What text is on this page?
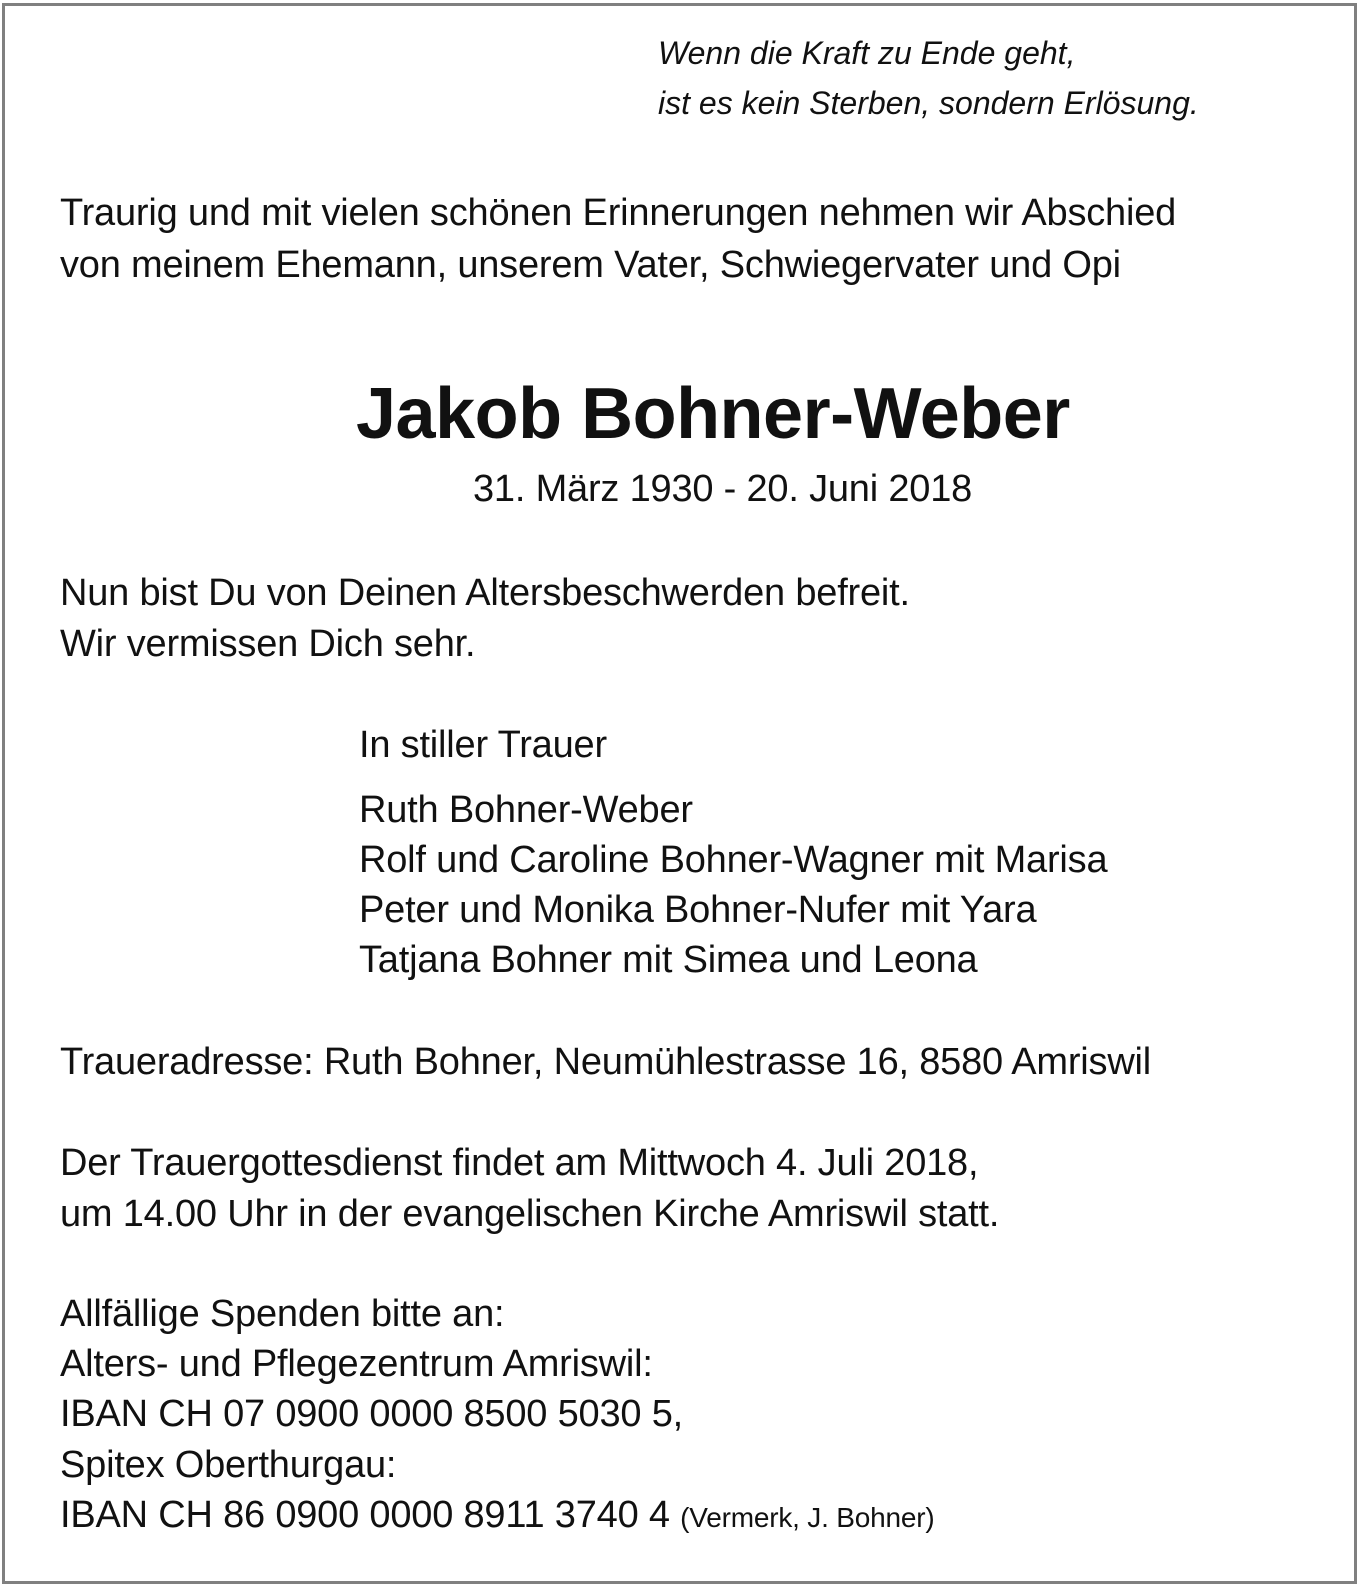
Wenn die Kraft zu Ende geht,
ist es kein Sterben, sondern Erlösung.
Traurig und mit vielen schönen Erinnerungen nehmen wir Abschied
von meinem Ehemann, unserem Vater, Schwiegervater und Opi
Jakob Bohner-Weber
31. März 1930 - 20. Juni 2018
Nun bist Du von Deinen Altersbeschwerden befreit.
Wir vermissen Dich sehr.
In stiller Trauer
Ruth Bohner-Weber
Rolf und Caroline Bohner-Wagner mit Marisa
Peter und Monika Bohner-Nufer mit Yara
Tatjana Bohner mit Simea und Leona
Traueradresse: Ruth Bohner, Neumühlestrasse 16, 8580 Amriswil
Der Trauergottesdienst findet am Mittwoch 4. Juli 2018,
um 14.00 Uhr in der evangelischen Kirche Amriswil statt.
Allfällige Spenden bitte an:
Alters- und Pflegezentrum Amriswil:
IBAN CH 07 0900 0000 8500 5030 5,
Spitex Oberthurgau:
IBAN CH 86 0900 0000 8911 3740 4 (Vermerk, J. Bohner)
